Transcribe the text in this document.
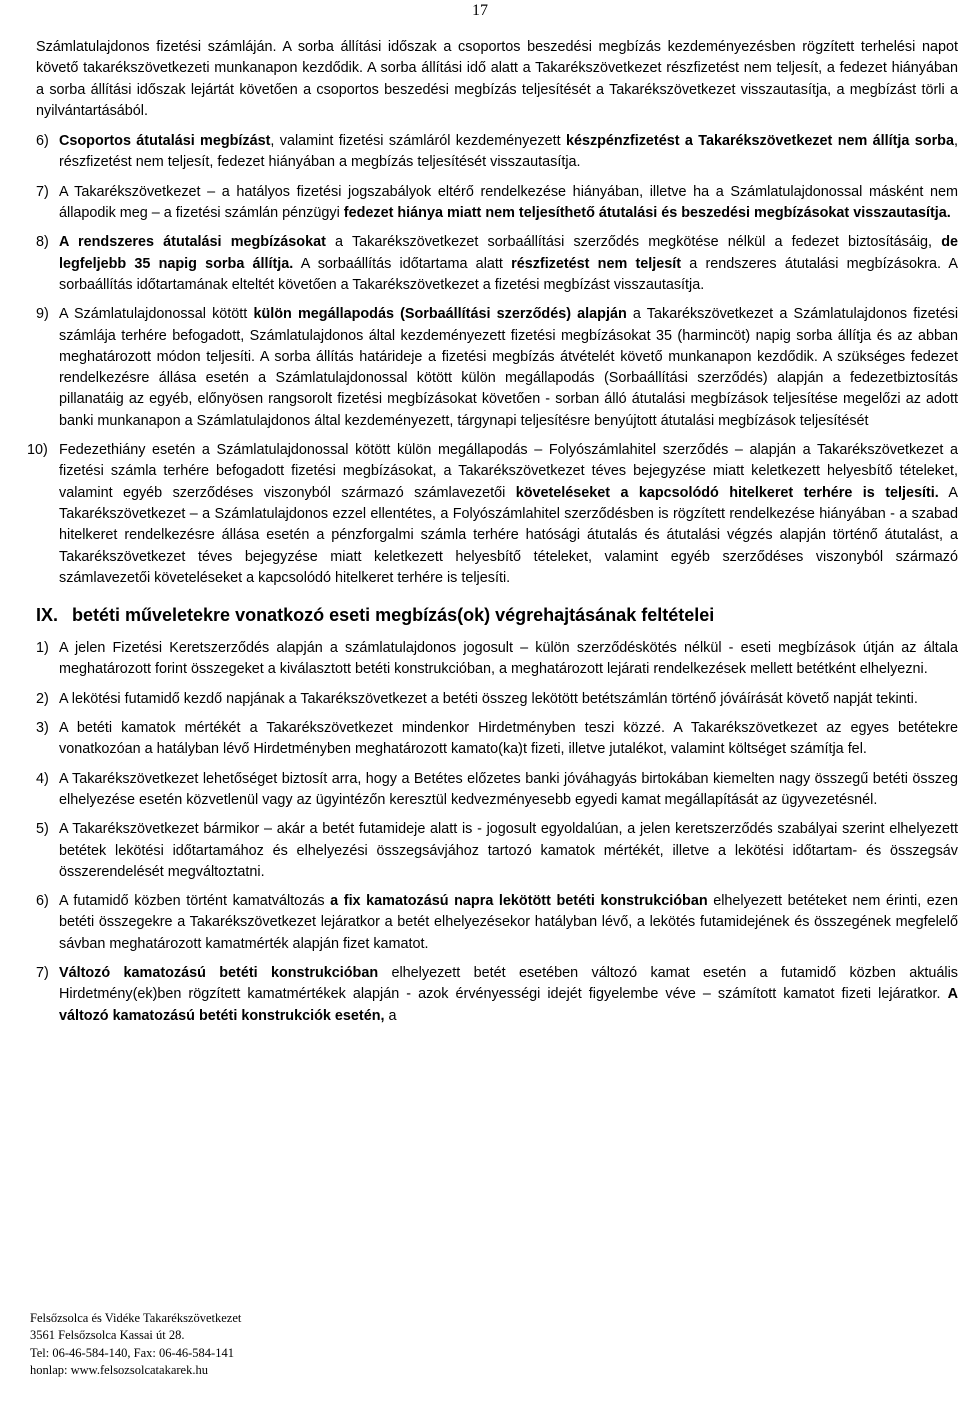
17

Számlatulajdonos fizetési számláján. A sorba állítási időszak a csoportos beszedési megbízás kezdeményezésben rögzített terhelési napot követő takarékszövetkezeti munkanapon kezdődik. A sorba állítási idő alatt a Takarékszövetkezet részfizetést nem teljesít, a fedezet hiányában a sorba állítási időszak lejártát követően a csoportos beszedési megbízás teljesítését a Takarékszövetkezet visszautasítja, a megbízást törli a nyilvántartásából.

6) Csoportos átutalási megbízást, valamint fizetési számláról kezdeményezett készpénzfizetést a Takarékszövetkezet nem állítja sorba, részfizetést nem teljesít, fedezet hiányában a megbízás teljesítését visszautasítja.
7) A Takarékszövetkezet – a hatályos fizetési jogszabályok eltérő rendelkezése hiányában, illetve ha a Számlatulajdonossal másként nem állapodik meg – a fizetési számlán pénzügyi fedezet hiánya miatt nem teljesíthető átutalási és beszedési megbízásokat visszautasítja.
8) A rendszeres átutalási megbízásokat a Takarékszövetkezet sorbaállítási szerződés megkötése nélkül a fedezet biztosításáig, de legfeljebb 35 napig sorba állítja. A sorbaállítás időtartama alatt részfizetést nem teljesít a rendszeres átutalási megbízásokra. A sorbaállítás időtartamának elteltét követően a Takarékszövetkezet a fizetési megbízást visszautasítja.
9) A Számlatulajdonossal kötött külön megállapodás (Sorbaállítási szerződés) alapján a Takarékszövetkezet a Számlatulajdonos fizetési számlája terhére befogadott, Számlatulajdonos által kezdeményezett fizetési megbízásokat 35 (harmincöt) napig sorba állítja és az abban meghatározott módon teljesíti. A sorba állítás határideje a fizetési megbízás átvételét követő munkanapon kezdődik. A szükséges fedezet rendelkezésre állása esetén a Számlatulajdonossal kötött külön megállapodás (Sorbaállítási szerződés) alapján a fedezetbiztosítás pillanatáig az egyéb, előnyösen rangsorolt fizetési megbízásokat követően - sorban álló átutalási megbízások teljesítése megelőzi az adott banki munkanapon a Számlatulajdonos által kezdeményezett, tárgynapi teljesítésre benyújtott átutalási megbízások teljesítését
10) Fedezethiány esetén a Számlatulajdonossal kötött külön megállapodás – Folyószámlahitel szerződés – alapján a Takarékszövetkezet a fizetési számla terhére befogadott fizetési megbízásokat, a Takarékszövetkezet téves bejegyzése miatt keletkezett helyesbítő tételeket, valamint egyéb szerződéses viszonyból származó számlavezetői követeléseket a kapcsolódó hitelkeret terhére is teljesíti. A Takarékszövetkezet – a Számlatulajdonos ezzel ellentétes, a Folyószámlahitel szerződésben is rögzített rendelkezése hiányában - a szabad hitelkeret rendelkezésre állása esetén a pénzforgalmi számla terhére hatósági átutalás és átutalási végzés alapján történő átutalást, a Takarékszövetkezet téves bejegyzése miatt keletkezett helyesbítő tételeket, valamint egyéb szerződéses viszonyból származó számlavezetői követeléseket a kapcsolódó hitelkeret terhére is teljesíti.
IX. betéti műveletekre vonatkozó eseti megbízás(ok) végrehajtásának feltételei
1) A jelen Fizetési Keretszerződés alapján a számlatulajdonos jogosult – külön szerződéskötés nélkül - eseti megbízások útján az általa meghatározott forint összegeket a kiválasztott betéti konstrukcióban, a meghatározott lejárati rendelkezések mellett betétként elhelyezni.
2) A lekötési futamidő kezdő napjának a Takarékszövetkezet a betéti összeg lekötött betétszámlán történő jóváírását követő napját tekinti.
3) A betéti kamatok mértékét a Takarékszövetkezet mindenkor Hirdetményben teszi közzé. A Takarékszövetkezet az egyes betétekre vonatkozóan a hatályban lévő Hirdetményben meghatározott kamato(ka)t fizeti, illetve jutalékot, valamint költséget számítja fel.
4) A Takarékszövetkezet lehetőséget biztosít arra, hogy a Betétes előzetes banki jóváhagyás birtokában kiemelten nagy összegű betéti összeg elhelyezése esetén közvetlenül vagy az ügyintézőn keresztül kedvezményesebb egyedi kamat megállapítását az ügyvezetésnél.
5) A Takarékszövetkezet bármikor – akár a betét futamideje alatt is - jogosult egyoldalúan, a jelen keretszerződés szabályai szerint elhelyezett betétek lekötési időtartamához és elhelyezési összegsávjához tartozó kamatok mértékét, illetve a lekötési időtartam- és összegsáv összerendelését megváltoztatni.
6) A futamidő közben történt kamatváltozás a fix kamatozású napra lekötött betéti konstrukcióban elhelyezett betéteket nem érinti, ezen betéti összegekre a Takarékszövetkezet lejáratkor a betét elhelyezésekor hatályban lévő, a lekötés futamidejének és összegének megfelelő sávban meghatározott kamatmérték alapján fizet kamatot.
7) Változó kamatozású betéti konstrukcióban elhelyezett betét esetében változó kamat esetén a futamidő közben aktuális Hirdetmény(ek)ben rögzített kamatmértékek alapján - azok érvényességi idejét figyelembe véve – számított kamatot fizeti lejáratkor. A változó kamatozású betéti konstrukciók esetén, a
Felsőzsolca és Vidéke Takarékszövetkezet
3561 Felsőzsolca Kassai út 28.
Tel: 06-46-584-140, Fax: 06-46-584-141
honlap: www.felsozsolcatakarek.hu
